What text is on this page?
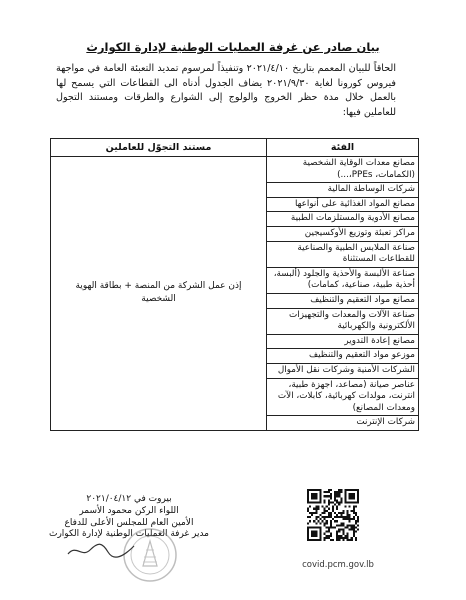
بيان صادر عن غرفة العمليات الوطنية لإدارة الكوارث
الحاقاً للبيان المعمم بتاريخ ٢٠٢١/٤/١٠ وتنفيذاً لمرسوم تمديد التعبئة العامة في مواجهة فيروس كورونا لغاية ٢٠٢١/٩/٣٠ يضاف الجدول أدناه الى القطاعات التي يسمح لها بالعمل خلال مدة حظر الخروج والولوج إلى الشوارع والطرقات ومستند التجول للعاملين فيها:
الفئة	مستند التجوّل للعاملين
مصانع معدات الوقاية الشخصية (الكمامات، PPEs،...)	إذن عمل الشركة من المنصة + بطاقة الهوية الشخصية
شركات الوساطة المالية	
مصانع المواد الغذائية على أنواعها	
مصانع الأدوية والمستلزمات الطبية	
مراكز تعبئة وتوزيع الأوكسيجين	
صناعة الملابس الطبية والصناعية للقطاعات المستثناة	
صناعة الألبسة والأحذية والجلود (ألبسة، أحذية طبية، صناعية، كمامات)	
مصانع مواد التعقيم والتنظيف	
صناعة الآلات والمعدات والتجهيزات الألكترونية والكهربائية	
مصانع إعادة التدوير	
موزعو مواد التعقيم والتنظيف	
الشركات الأمنية وشركات نقل الأموال	
عناصر صيانة (مصاعد، اجهزة طبية، انترنت، مولدات كهربائية، كابلات، الآت ومعدات المصانع)	
شركات الإنترنت	
بيروت في ٢٠٢١/٠٤/١٢
اللواء الركن محمود الأسمر
الأمين العام للمجلس الأعلى للدفاع
مدير غرفة العمليات الوطنية لإدارة الكوارث
covid.pcm.gov.lb
